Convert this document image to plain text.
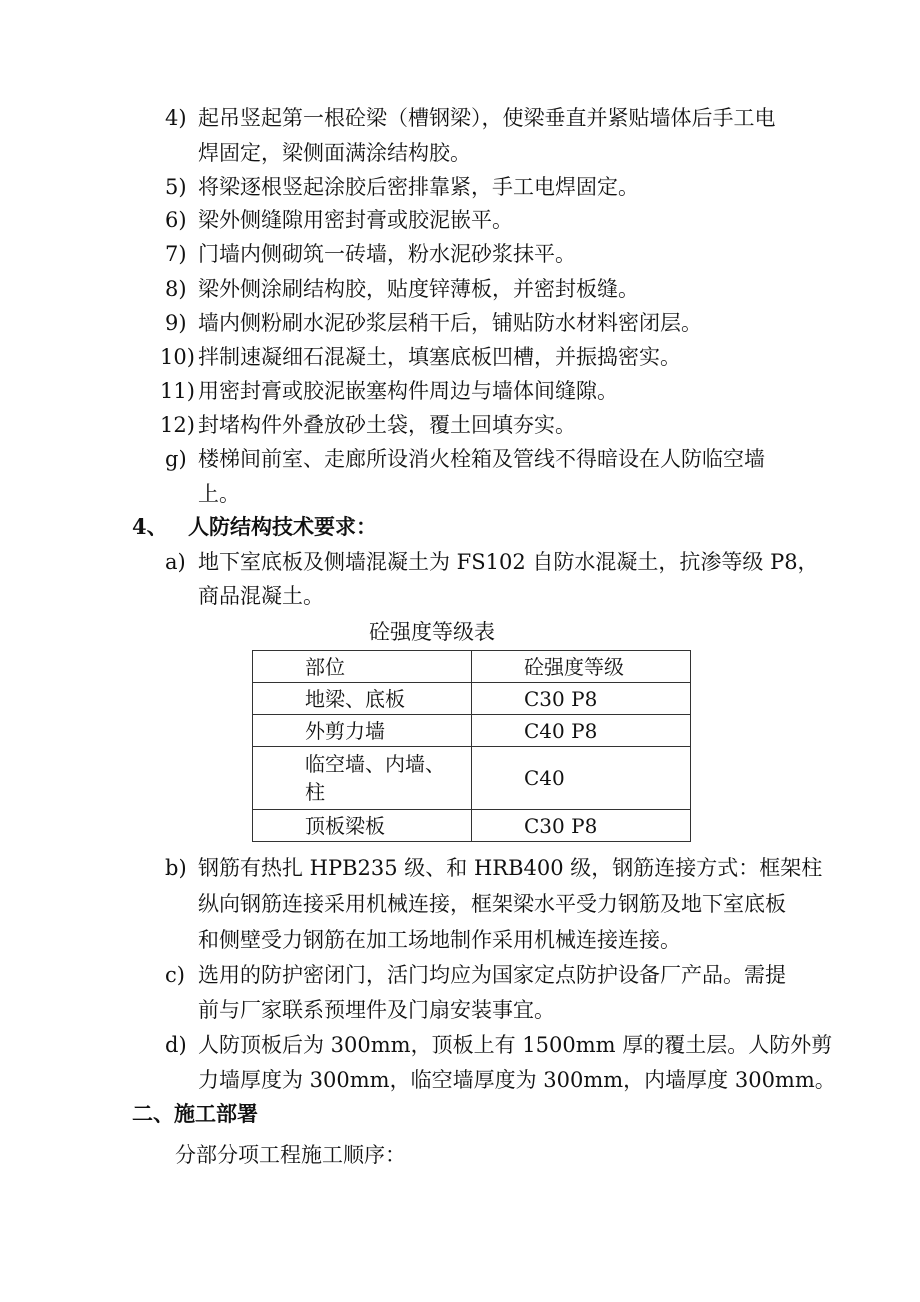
4) 起吊竖起第一根砼梁（槽钢梁），使梁垂直并紧贴墙体后手工电
焊固定，梁侧面满涂结构胶。
5) 将梁逐根竖起涂胶后密排靠紧，手工电焊固定。
6) 梁外侧缝隙用密封膏或胶泥嵌平。
7) 门墙内侧砌筑一砖墙，粉水泥砂浆抹平。
8) 梁外侧涂刷结构胶，贴度锌薄板，并密封板缝。
9) 墙内侧粉刷水泥砂浆层稍干后，铺贴防水材料密闭层。
10) 拌制速凝细石混凝土，填塞底板凹槽，并振捣密实。
11) 用密封膏或胶泥嵌塞构件周边与墙体间缝隙。
12) 封堵构件外叠放砂土袋，覆土回填夯实。
g) 楼梯间前室、走廊所设消火栓箱及管线不得暗设在人防临空墙
上。
4、 人防结构技术要求：
a) 地下室底板及侧墙混凝土为 FS102 自防水混凝土，抗渗等级 P8，
商品混凝土。
砼强度等级表
部位	砼强度等级
地梁、底板	C30 P8
外剪力墙	C40 P8

临空墙、内墙、
柱	C40
顶板梁板	C30 P8
b) 钢筋有热扎 HPB235 级、和 HRB400 级，钢筋连接方式：框架柱
纵向钢筋连接采用机械连接，框架梁水平受力钢筋及地下室底板
和侧壁受力钢筋在加工场地制作采用机械连接连接。
c) 选用的防护密闭门，活门均应为国家定点防护设备厂产品。需提
前与厂家联系预埋件及门扇安装事宜。
d) 人防顶板后为 300mm，顶板上有 1500mm 厚的覆土层。人防外剪
力墙厚度为 300mm，临空墙厚度为 300mm，内墙厚度 300mm。
二、施工部署
分部分项工程施工顺序：
